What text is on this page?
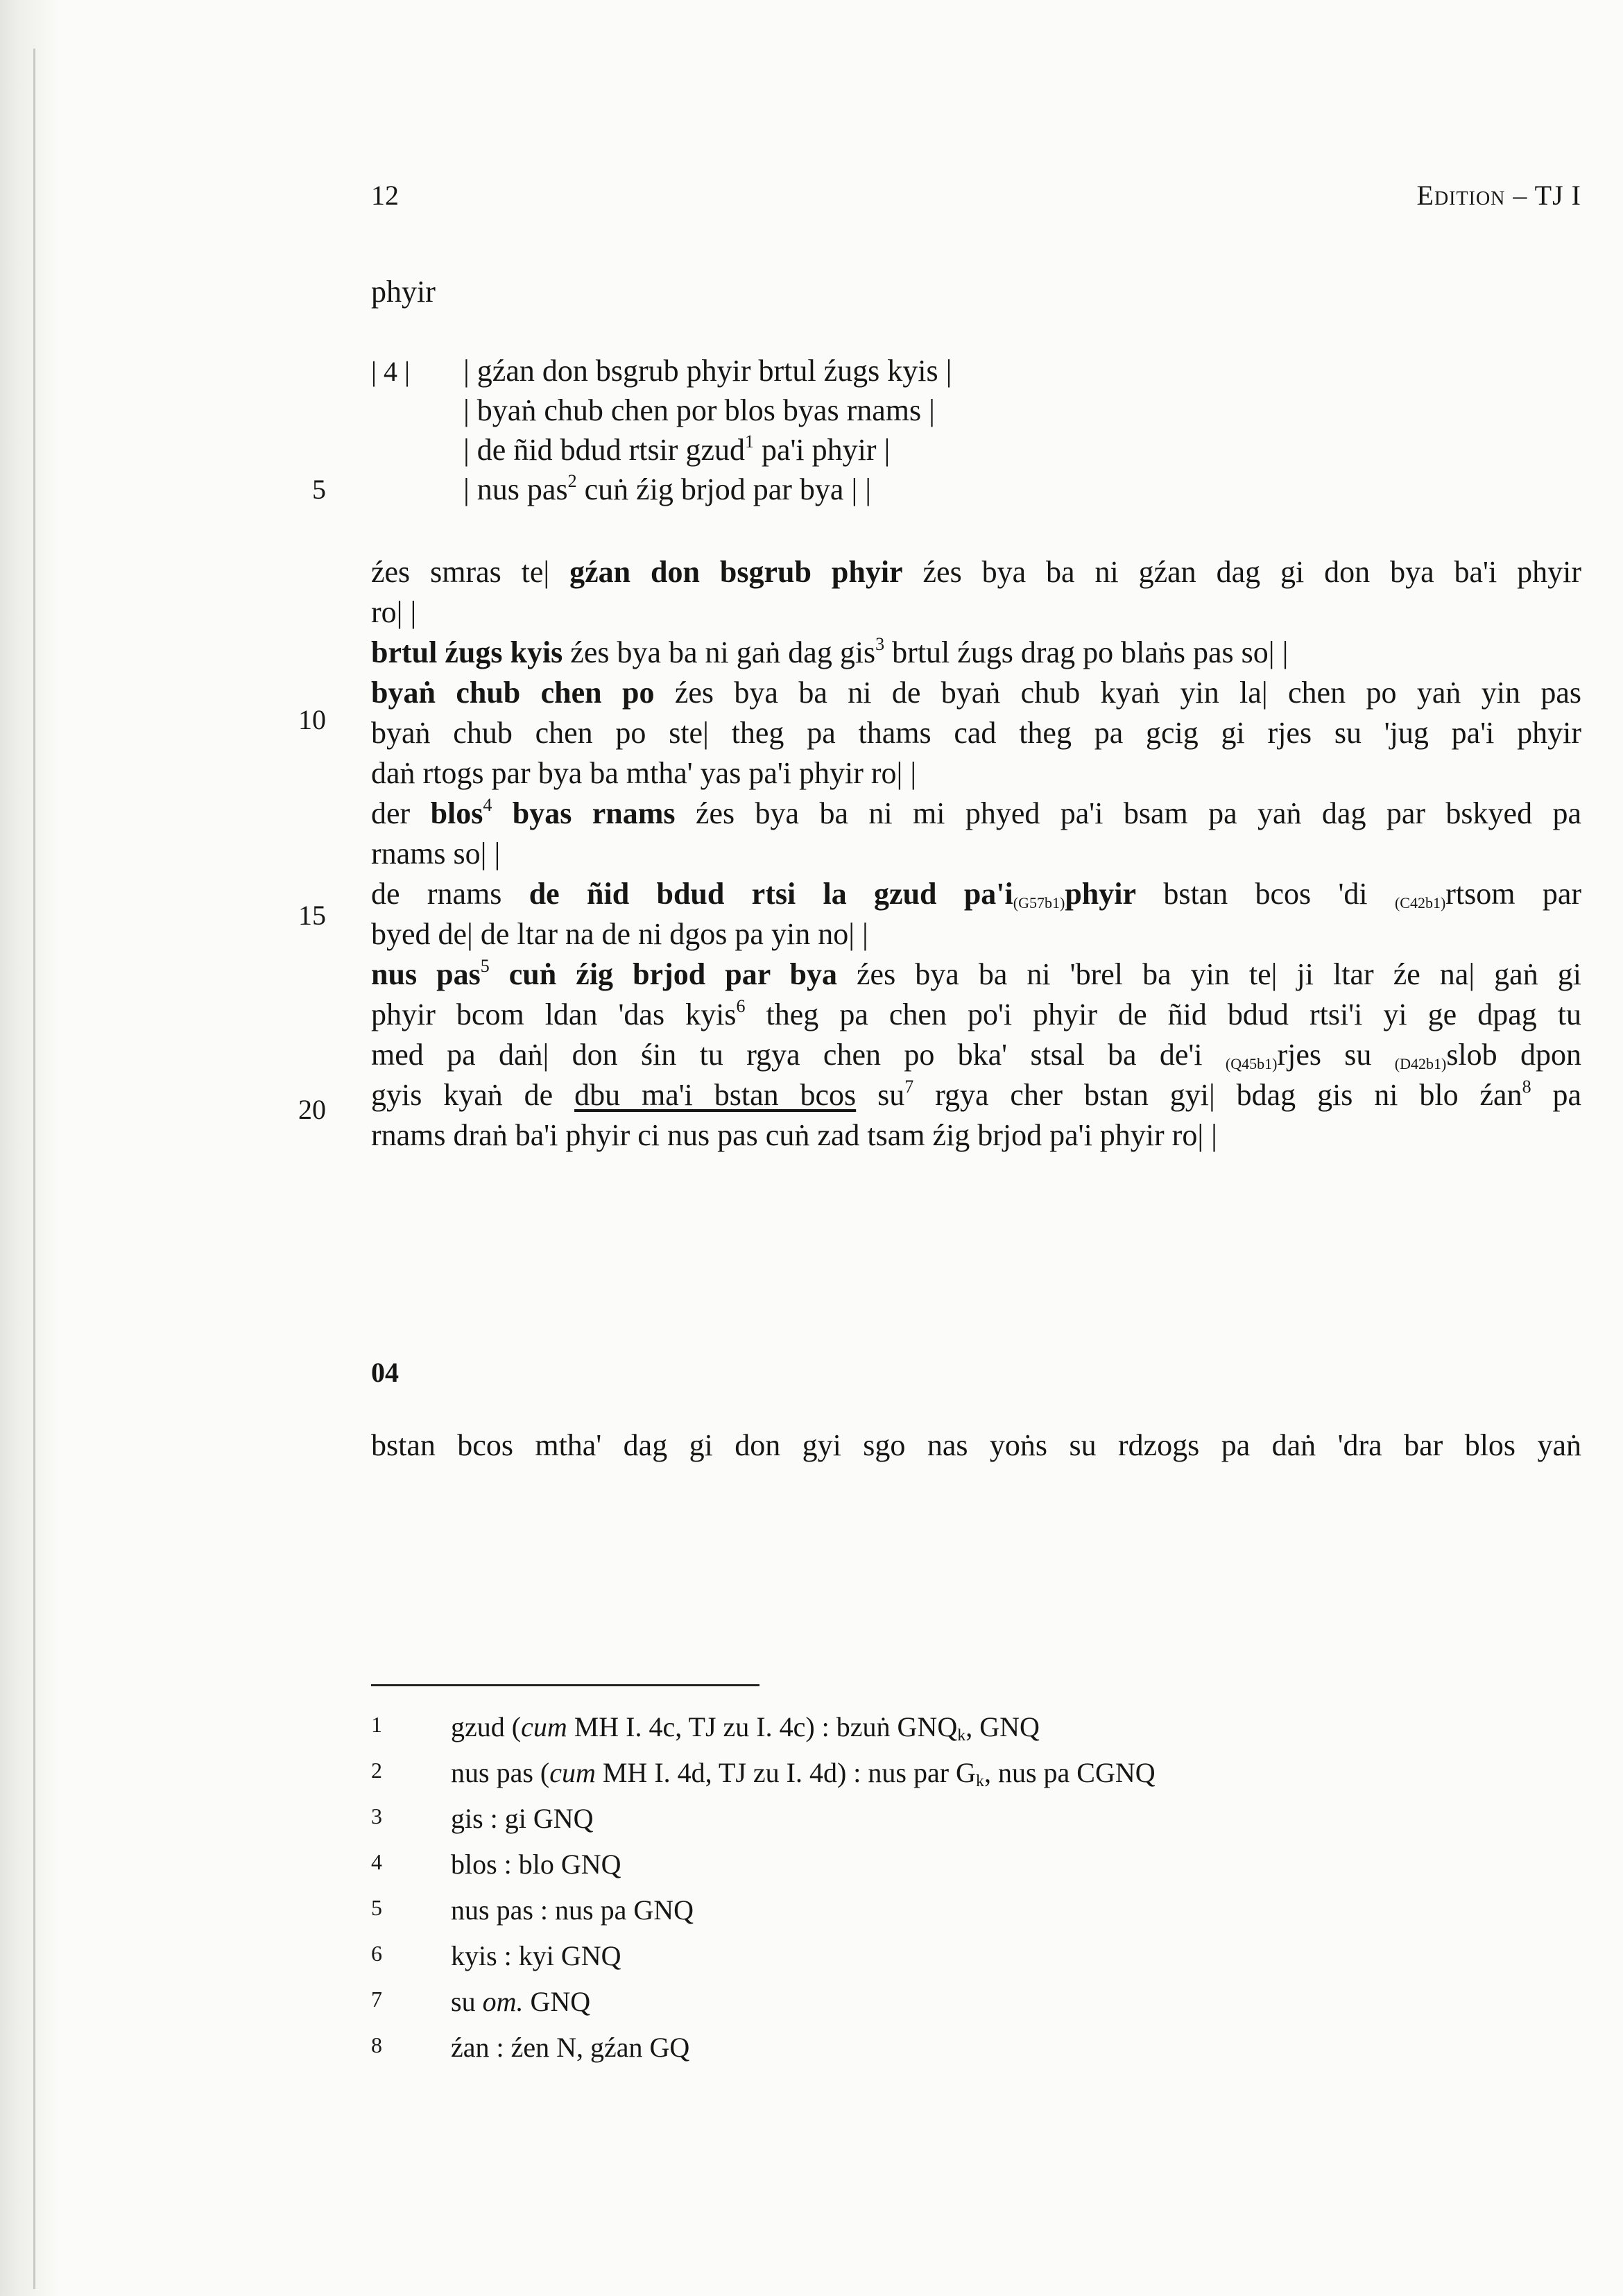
12	Edition – TJ I
phyir
| 4 | | gźan don bsgrub phyir brtul źugs kyis |
| byaṅ chub chen por blos byas rnams |
| de ñid bdud rtsir gzud$^1$ pa'i phyir |
| nus pas$^2$ cuṅ źig brjod par bya | |
5
10
15
20
źes smras te| gźan don bsgrub phyir źes bya ba ni gźan dag gi don bya ba'i phyir
ro| |
brtul źugs kyis źes bya ba ni gaṅ dag gis$^3$ brtul źugs drag po blaṅs pas so| |
byaṅ chub chen po źes bya ba ni de byaṅ chub kyaṅ yin la| chen po yaṅ yin pas
byaṅ chub chen po ste| theg pa thams cad theg pa gcig gi rjes su 'jug pa'i phyir
daṅ rtogs par bya ba mtha' yas pa'i phyir ro| |
der blos$^4$ byas rnams źes bya ba ni mi phyed pa'i bsam pa yaṅ dag par bskyed pa
rnams so| |
de rnams de ñid bdud rtsi la gzud $pa'i_{(G57b1)}phyir$ bstan bcos 'di $_{(C42b1)}$rtsom par
byed de| de ltar na de ni dgos pa yin no| |
nus pas$^5$ cuṅ źig brjod par bya źes bya ba ni 'brel ba yin te| ji ltar źe na| gaṅ gi
phyir bcom ldan 'das kyis$^6$ theg pa chen po'i phyir de ñid bdud rtsi'i yi ge dpag tu
med pa daṅ| don śin tu rgya chen po bka' stsal ba de'i $_{(Q45b1)}$rjes su $_{(D42b1)}$slob dpon
gyis kyaṅ de dbu ma'i bstan bcos $su^7$ rgya cher bstan gyi| bdag gis ni blo źan$^8$ pa
rnams draṅ ba'i phyir ci nus pas cuṅ zad tsam źig brjod pa'i phyir ro| |
04
bstan bcos mtha' dag gi don gyi sgo nas yoṅs su rdzogs pa daṅ 'dra bar blos yaṅ
1 gzud (cum MH I. 4c, TJ zu I. 4c) : bzuṅ GNQk, GNQ
2 nus pas (cum MH I. 4d, TJ zu I. 4d) : nus par Gk, nus pa CGNQ
3 gis : gi GNQ
4 blos : blo GNQ
5 nus pas : nus pa GNQ
6 kyis : kyi GNQ
7 su om. GNQ
8 źan : źen N, gźan GQ
